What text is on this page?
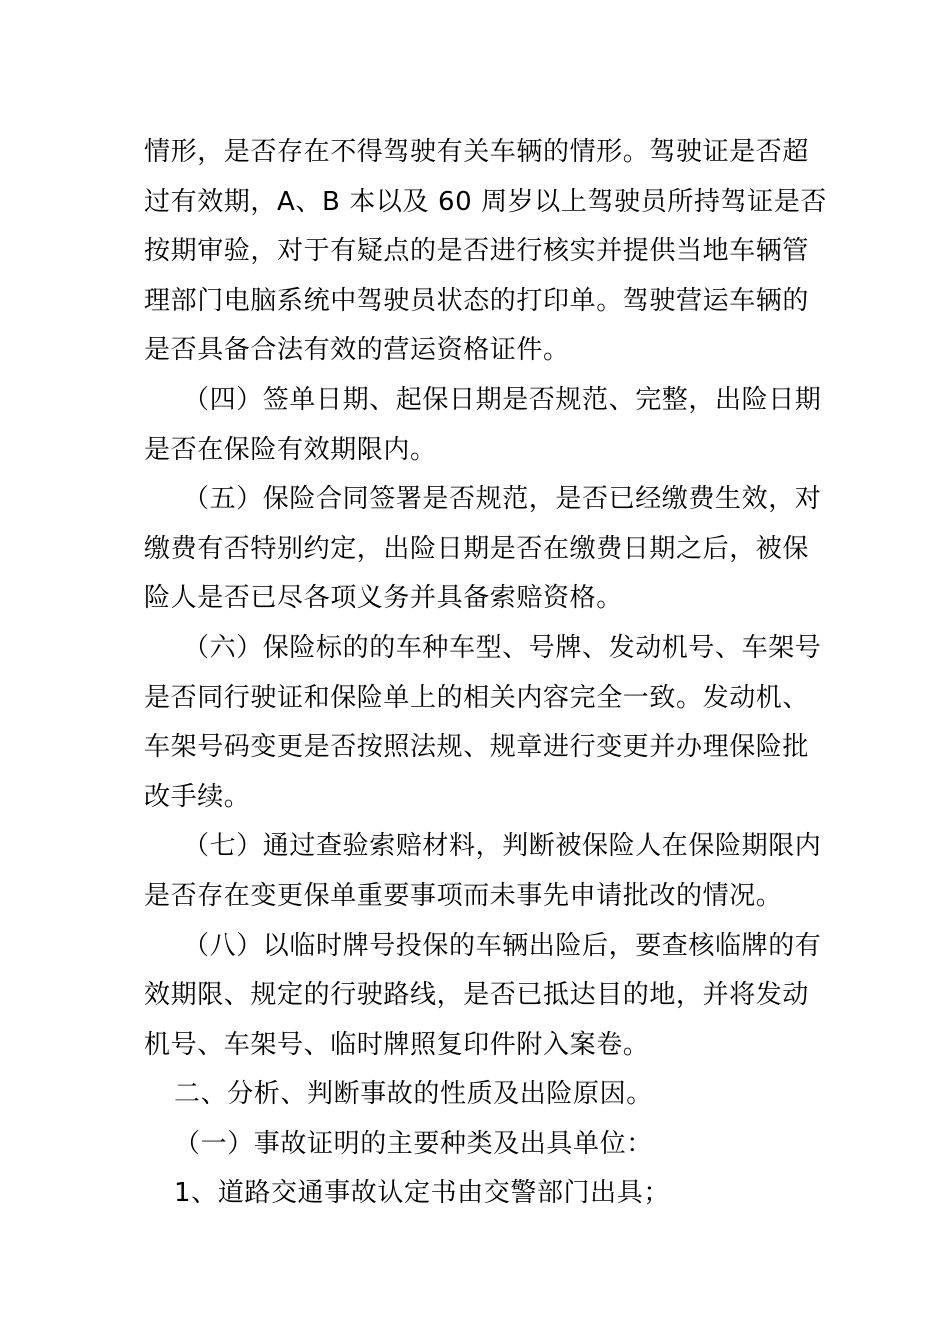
情形，是否存在不得驾驶有关车辆的情形。驾驶证是否超
过有效期，A、B 本以及 60 周岁以上驾驶员所持驾证是否
按期审验，对于有疑点的是否进行核实并提供当地车辆管
理部门电脑系统中驾驶员状态的打印单。驾驶营运车辆的
是否具备合法有效的营运资格证件。
（四）签单日期、起保日期是否规范、完整，出险日期
是否在保险有效期限内。
（五）保险合同签署是否规范，是否已经缴费生效，对
缴费有否特别约定，出险日期是否在缴费日期之后，被保
险人是否已尽各项义务并具备索赔资格。
（六）保险标的的车种车型、号牌、发动机号、车架号
是否同行驶证和保险单上的相关内容完全一致。发动机、
车架号码变更是否按照法规、规章进行变更并办理保险批
改手续。
（七）通过查验索赔材料，判断被保险人在保险期限内
是否存在变更保单重要事项而未事先申请批改的情况。
（八）以临时牌号投保的车辆出险后，要查核临牌的有
效期限、规定的行驶路线，是否已抵达目的地，并将发动
机号、车架号、临时牌照复印件附入案卷。
二、分析、判断事故的性质及出险原因。
（一）事故证明的主要种类及出具单位：
1、道路交通事故认定书由交警部门出具；
